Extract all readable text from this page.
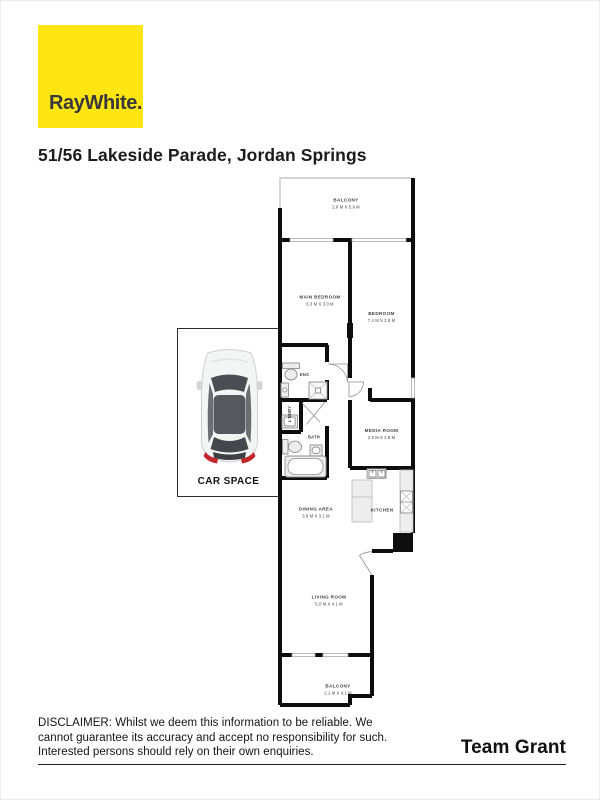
RayWhite.
51/56 Lakeside Parade, Jordan Springs
CAR SPACE
BALCONY
2.8 M X 5.9 M
MAIN BEDROOM
6.3 M X 3.0 M
BEDROOM
7.4 M X 2.8 M
ENS
L'NDRY
BATH
MEDIA ROOM
2.9 M X 2.8 M
DINING AREA
3.8 M X 3.1 M
KITCHEN
LIVING ROOM
5.0 M X 4.1 M
BALCONY
2.1 M X 4.1 M
DISCLAIMER: Whilst we deem this information to be reliable. We
cannot guarantee its accuracy and accept no responsibility for such.
Interested persons should rely on their own enquiries.	Team Grant
